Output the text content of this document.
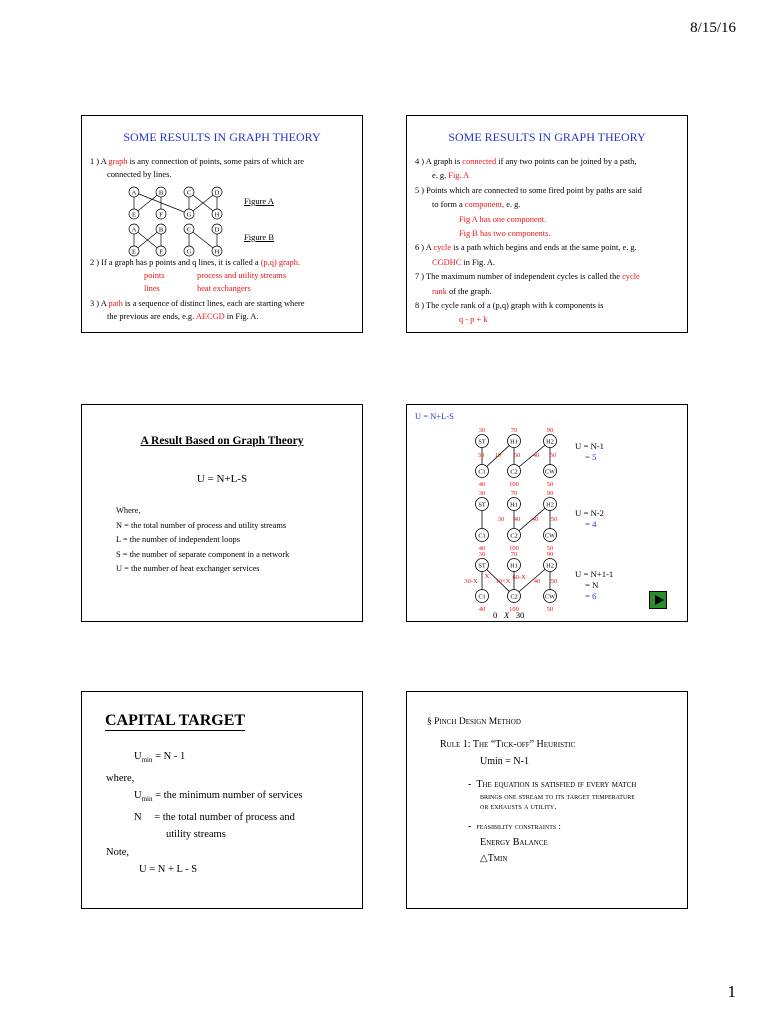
8/15/16
SOME RESULTS IN GRAPH THEORY
1 ) A graph is any connection of points, some pairs of which are
connected by lines.
A	B	C	D
E	F	G	H
A	B	C	D
E	F	G	H
Figure A
Figure B
2 ) If a graph has p points and q lines, it is called a (p,q) graph.
points	process and utility streams
lines	heat exchangers
3 ) A path is a sequence of distinct lines, each are starting where
the previous are ends, e.g. AECGD in Fig. A.
SOME RESULTS IN GRAPH THEORY
4 ) A graph is connected if any two points can be joined by a path,
e. g. Fig. A
5 ) Points which are connected to some fired point by paths are said
to form a component, e. g.
Fig A has one component.
Fig B has two components.
6 ) A cycle is a path which begins and ends at the same point, e. g.
CGDHC in Fig. A.
7 ) The maximum number of independent cycles is called the cycle
rank of the graph.
8 ) The cycle rank of a (p,q) graph with k components is
q - p + k
A Result Based on Graph Theory
U = N+L-S
Where,
N = the total number of process and utility streams
L = the number of independent loops
S = the number of separate component in a network
U = the number of heat exchanger services
U = N+L-S
30	70	90
40	100	50
30 10 60 40 50
ST	H1	H2
C1	C2	CW
30	70	90
40	100	50
30 40 40 50
ST	H1	H2
C1	C2	CW
30	70	90
40	100	50
30-X
X
10+X
60-X
40 50
ST	H1	H2
C1	C2	CW
U = N-1
= 5
U = N-2
= 4
U = N+1-1
= N
= 6
0 X 30
CAPITAL TARGET
$U_{min} = N - 1$
where,
$U_{min}$ = the minimum number of services
N = the total number of process and
utility streams
Note,
U = N + L - S
§ Pinch Design Method
Rule 1: The “Tick-off” Heuristic
Umin = N-1
- The equation is satisfied if every match
brings one stream to its target temperature
or exhausts a utility.
- feasibility constraints :
Energy Balance
△Tmin
1
